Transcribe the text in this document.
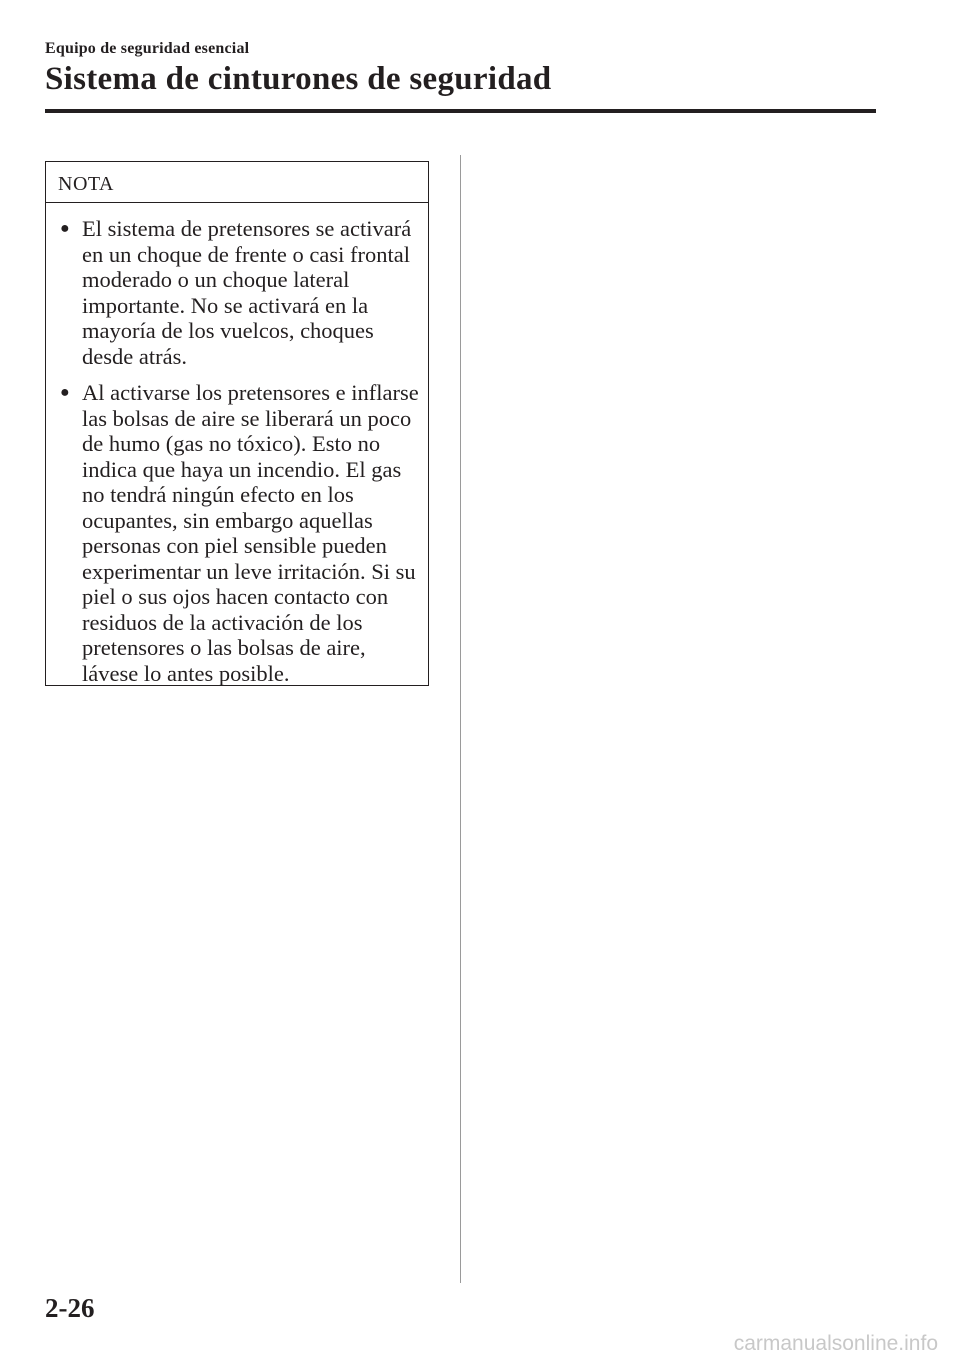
Equipo de seguridad esencial
Sistema de cinturones de seguridad
NOTA
● El sistema de pretensores se activará
en un choque de frente o casi frontal
moderado o un choque lateral
importante. No se activará en la
mayoría de los vuelcos, choques
desde atrás.
● Al activarse los pretensores e inflarse
las bolsas de aire se liberará un poco
de humo (gas no tóxico). Esto no
indica que haya un incendio. El gas
no tendrá ningún efecto en los
ocupantes, sin embargo aquellas
personas con piel sensible pueden
experimentar un leve irritación. Si su
piel o sus ojos hacen contacto con
residuos de la activación de los
pretensores o las bolsas de aire,
lávese lo antes posible.
2-26
carmanualsonline.info
